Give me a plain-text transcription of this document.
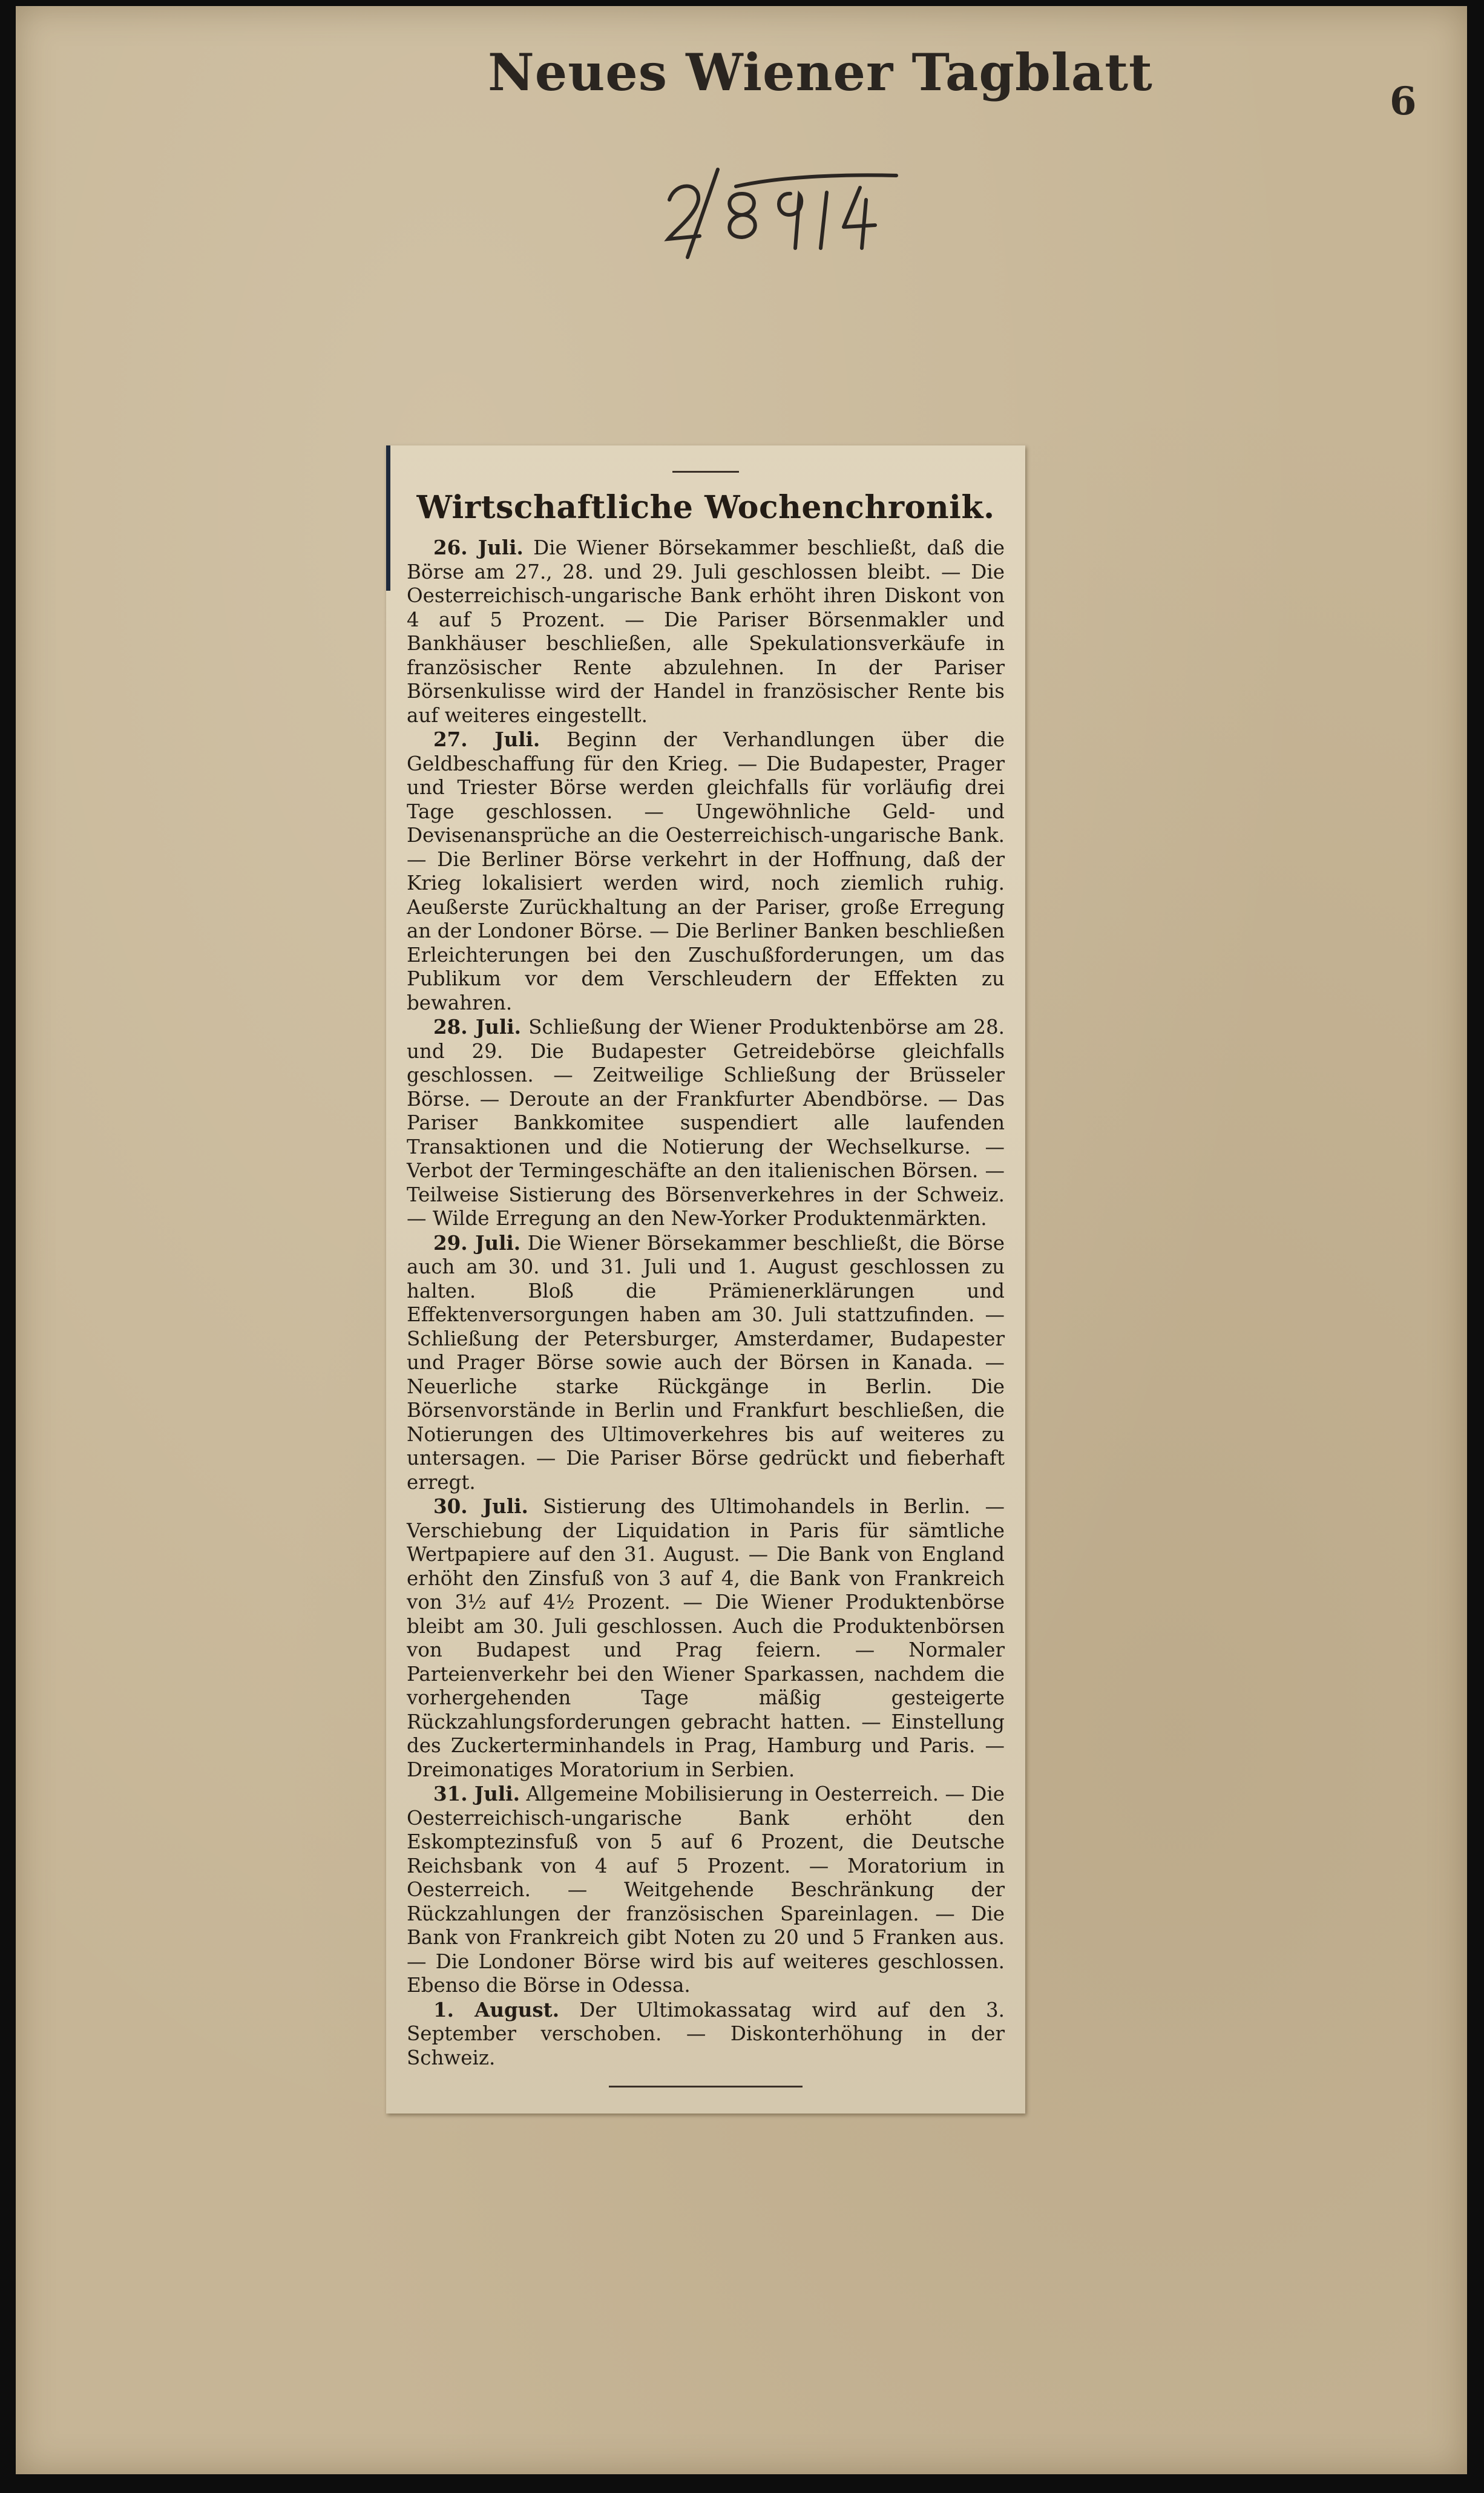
Neues Wiener Tagblatt	6
Wirtschaftliche Wochenchronik.

26. Juli. Die Wiener Börsekammer beschließt, daß die Börse am 27., 28. und 29. Juli geschlossen bleibt. — Die Oesterreichisch-ungarische Bank erhöht ihren Diskont von 4 auf 5 Prozent. — Die Pariser Börsenmakler und Bankhäuser beschließen, alle Spekulationsverkäufe in französischer Rente abzulehnen. In der Pariser Börsenkulisse wird der Handel in französischer Rente bis auf weiteres eingestellt.

27. Juli. Beginn der Verhandlungen über die Geldbeschaffung für den Krieg. — Die Budapester, Prager und Triester Börse werden gleichfalls für vorläufig drei Tage geschlossen. — Ungewöhnliche Geld- und Devisenansprüche an die Oesterreichisch-ungarische Bank. — Die Berliner Börse verkehrt in der Hoffnung, daß der Krieg lokalisiert werden wird, noch ziemlich ruhig. Aeußerste Zurückhaltung an der Pariser, große Erregung an der Londoner Börse. — Die Berliner Banken beschließen Erleichterungen bei den Zuschußforderungen, um das Publikum vor dem Verschleudern der Effekten zu bewahren.

28. Juli. Schließung der Wiener Produktenbörse am 28. und 29. Die Budapester Getreidebörse gleichfalls geschlossen. — Zeitweilige Schließung der Brüsseler Börse. — Deroute an der Frankfurter Abendbörse. — Das Pariser Bankkomitee suspendiert alle laufenden Transaktionen und die Notierung der Wechselkurse. — Verbot der Termingeschäfte an den italienischen Börsen. — Teilweise Sistierung des Börsenverkehres in der Schweiz. — Wilde Erregung an den New-Yorker Produktenmärkten.

29. Juli. Die Wiener Börsekammer beschließt, die Börse auch am 30. und 31. Juli und 1. August geschlossen zu halten. Bloß die Prämienerklärungen und Effektenversorgungen haben am 30. Juli stattzufinden. — Schließung der Petersburger, Amsterdamer, Budapester und Prager Börse sowie auch der Börsen in Kanada. — Neuerliche starke Rückgänge in Berlin. Die Börsenvorstände in Berlin und Frankfurt beschließen, die Notierungen des Ultimoverkehres bis auf weiteres zu untersagen. — Die Pariser Börse gedrückt und fieberhaft erregt.

30. Juli. Sistierung des Ultimohandels in Berlin. — Verschiebung der Liquidation in Paris für sämtliche Wertpapiere auf den 31. August. — Die Bank von England erhöht den Zinsfuß von 3 auf 4, die Bank von Frankreich von 3½ auf 4½ Prozent. — Die Wiener Produktenbörse bleibt am 30. Juli geschlossen. Auch die Produktenbörsen von Budapest und Prag feiern. — Normaler Parteienverkehr bei den Wiener Sparkassen, nachdem die vorhergehenden Tage mäßig gesteigerte Rückzahlungsforderungen gebracht hatten. — Einstellung des Zuckerterminhandels in Prag, Hamburg und Paris. — Dreimonatiges Moratorium in Serbien.

31. Juli. Allgemeine Mobilisierung in Oesterreich. — Die Oesterreichisch-ungarische Bank erhöht den Eskomptezinsfuß von 5 auf 6 Prozent, die Deutsche Reichsbank von 4 auf 5 Prozent. — Moratorium in Oesterreich. — Weitgehende Beschränkung der Rückzahlungen der französischen Spareinlagen. — Die Bank von Frankreich gibt Noten zu 20 und 5 Franken aus. — Die Londoner Börse wird bis auf weiteres geschlossen. Ebenso die Börse in Odessa.

1. August. Der Ultimokassatag wird auf den 3. September verschoben. — Diskonterhöhung in der Schweiz.
